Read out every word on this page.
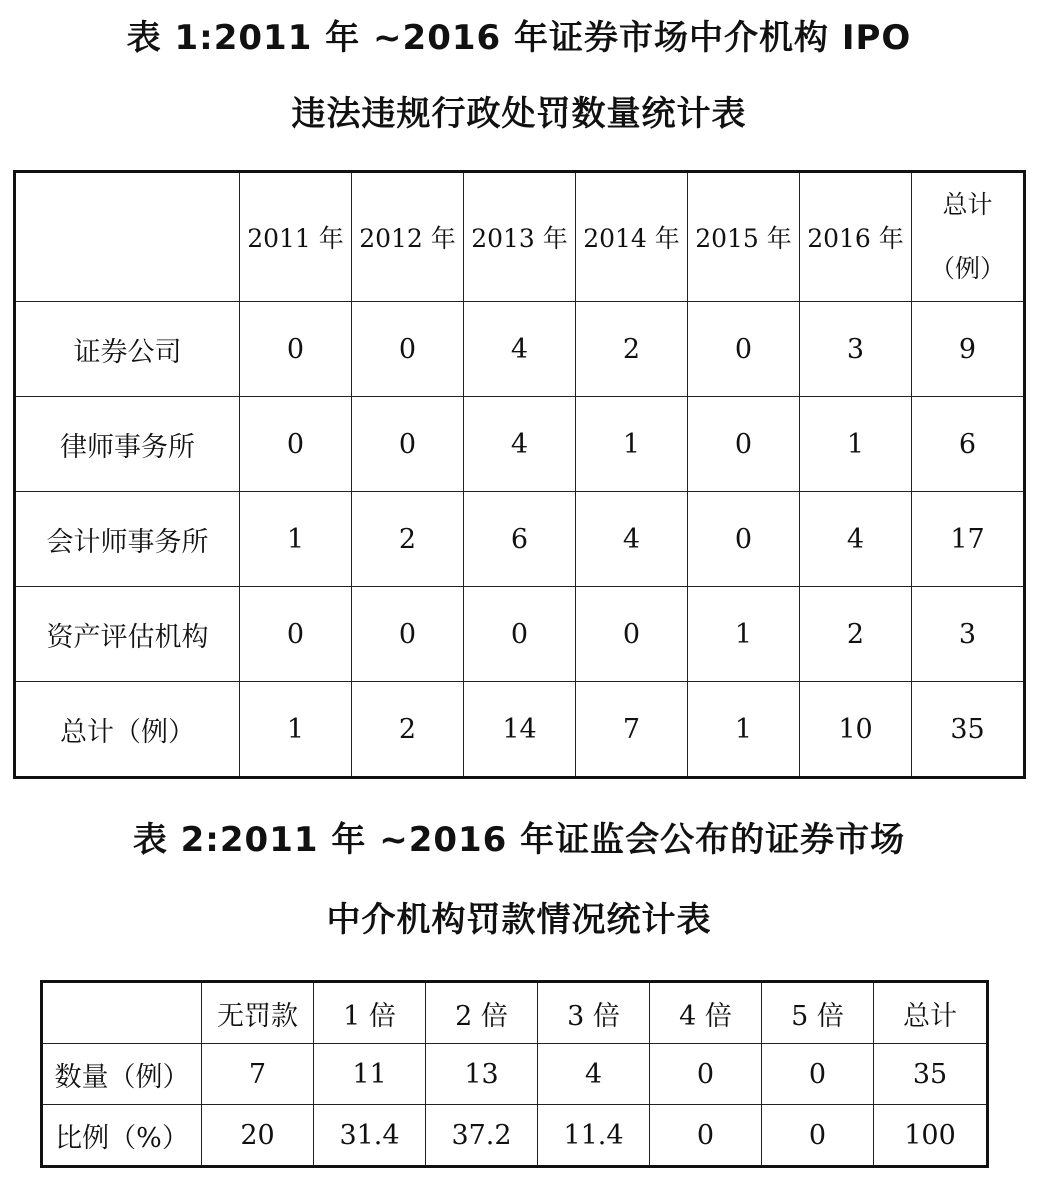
表 1:2011 年 ~2016 年证券市场中介机构 IPO
违法违规行政处罚数量统计表
	2011 年	2012 年	2013 年	2014 年	2015 年	2016 年	总计（例）
证券公司	0	0	4	2	0	3	9
律师事务所	0	0	4	1	0	1	6
会计师事务所	1	2	6	4	0	4	17
资产评估机构	0	0	0	0	1	2	3
总计（例）	1	2	14	7	1	10	35
表 2:2011 年 ~2016 年证监会公布的证券市场
中介机构罚款情况统计表
	无罚款	1 倍	2 倍	3 倍	4 倍	5 倍	总计
数量（例）	7	11	13	4	0	0	35
比例（%）	20	31.4	37.2	11.4	0	0	100
